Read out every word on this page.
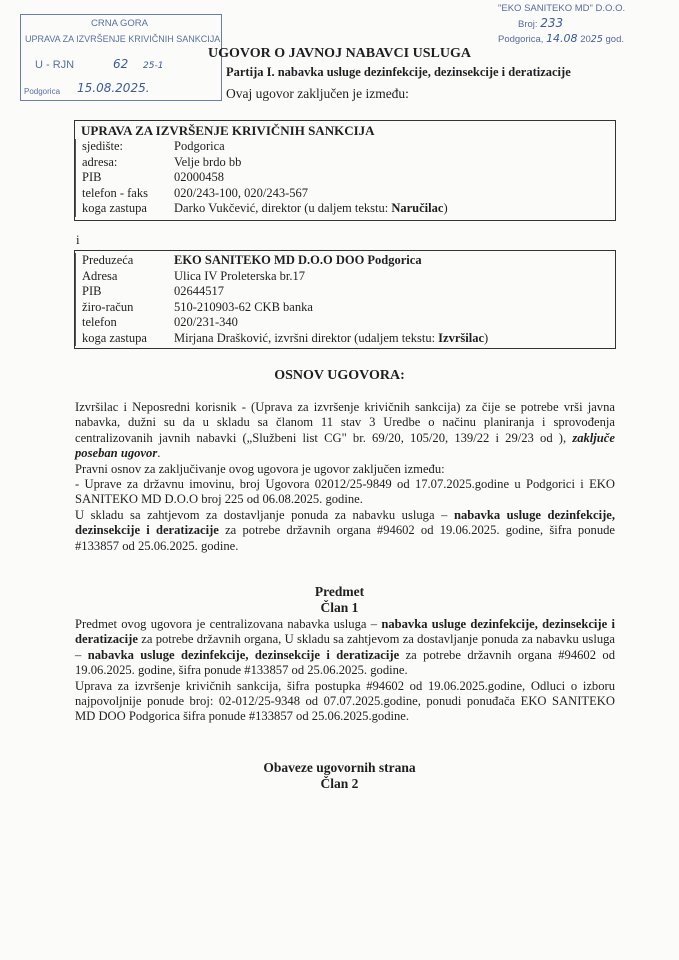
CRNA GORA
UPRAVA ZA IZVRŠENJE KRIVIČNIH SANKCIJA
U - RJN	62 25-1
Podgorica 15.08.2025.
"EKO SANITEKO MD" D.O.O.
Broj: 233
Podgorica, 14.08 2025 god.
UGOVOR O JAVNOJ NABAVCI USLUGA
Partija I. nabavka usluge dezinfekcije, dezinsekcije i deratizacije
Ovaj ugovor zaključen je između:
UPRAVA ZA IZVRŠENJE KRIVIČNIH SANKCIJA
sjedište:	Podgorica
adresa:	Velje brdo bb
PIB	02000458
telefon - faks	020/243-100, 020/243-567
koga zastupa	Darko Vukčević, direktor (u daljem tekstu: Naručilac)
i
Preduzeća	EKO SANITEKO MD D.O.O DOO Podgorica
Adresa	Ulica IV Proleterska br.17
PIB	02644517
žiro-račun	510-210903-62 CKB banka
telefon	020/231-340
koga zastupa	Mirjana Drašković, izvršni direktor (udaljem tekstu: Izvršilac)
OSNOV UGOVORA:

Izvršilac i Neposredni korisnik - (Uprava za izvršenje krivičnih sankcija) za čije se potrebe vrši javna nabavka, dužni su da u skladu sa članom 11 stav 3 Uredbe o načinu planiranja i sprovođenja centralizovanih javnih nabavki („Službeni list CG" br. 69/20, 105/20, 139/22 i 29/23 od ), zaključe poseban ugovor.

Pravni osnov za zaključivanje ovog ugovora je ugovor zaključen između:

- Uprave za državnu imovinu, broj Ugovora 02012/25-9849 od 17.07.2025.godine u Podgorici i EKO SANITEKO MD D.O.O broj 225 od 06.08.2025. godine.

U skladu sa zahtjevom za dostavljanje ponuda za nabavku usluga – nabavka usluge dezinfekcije, dezinsekcije i deratizacije za potrebe državnih organa #94602 od 19.06.2025. godine, šifra ponude #133857 od 25.06.2025. godine.

Predmet
Član 1

Predmet ovog ugovora je centralizovana nabavka usluga – nabavka usluge dezinfekcije, dezinsekcije i deratizacije za potrebe državnih organa, U skladu sa zahtjevom za dostavljanje ponuda za nabavku usluga – nabavka usluge dezinfekcije, dezinsekcije i deratizacije za potrebe državnih organa #94602 od 19.06.2025. godine, šifra ponude #133857 od 25.06.2025. godine.

Uprava za izvršenje krivičnih sankcija, šifra postupka #94602 od 19.06.2025.godine, Odluci o izboru najpovoljnije ponude broj: 02-012/25-9348 od 07.07.2025.godine, ponudi ponuđača EKO SANITEKO MD DOO Podgorica šifra ponude #133857 od 25.06.2025.godine.

Obaveze ugovornih strana
Član 2
